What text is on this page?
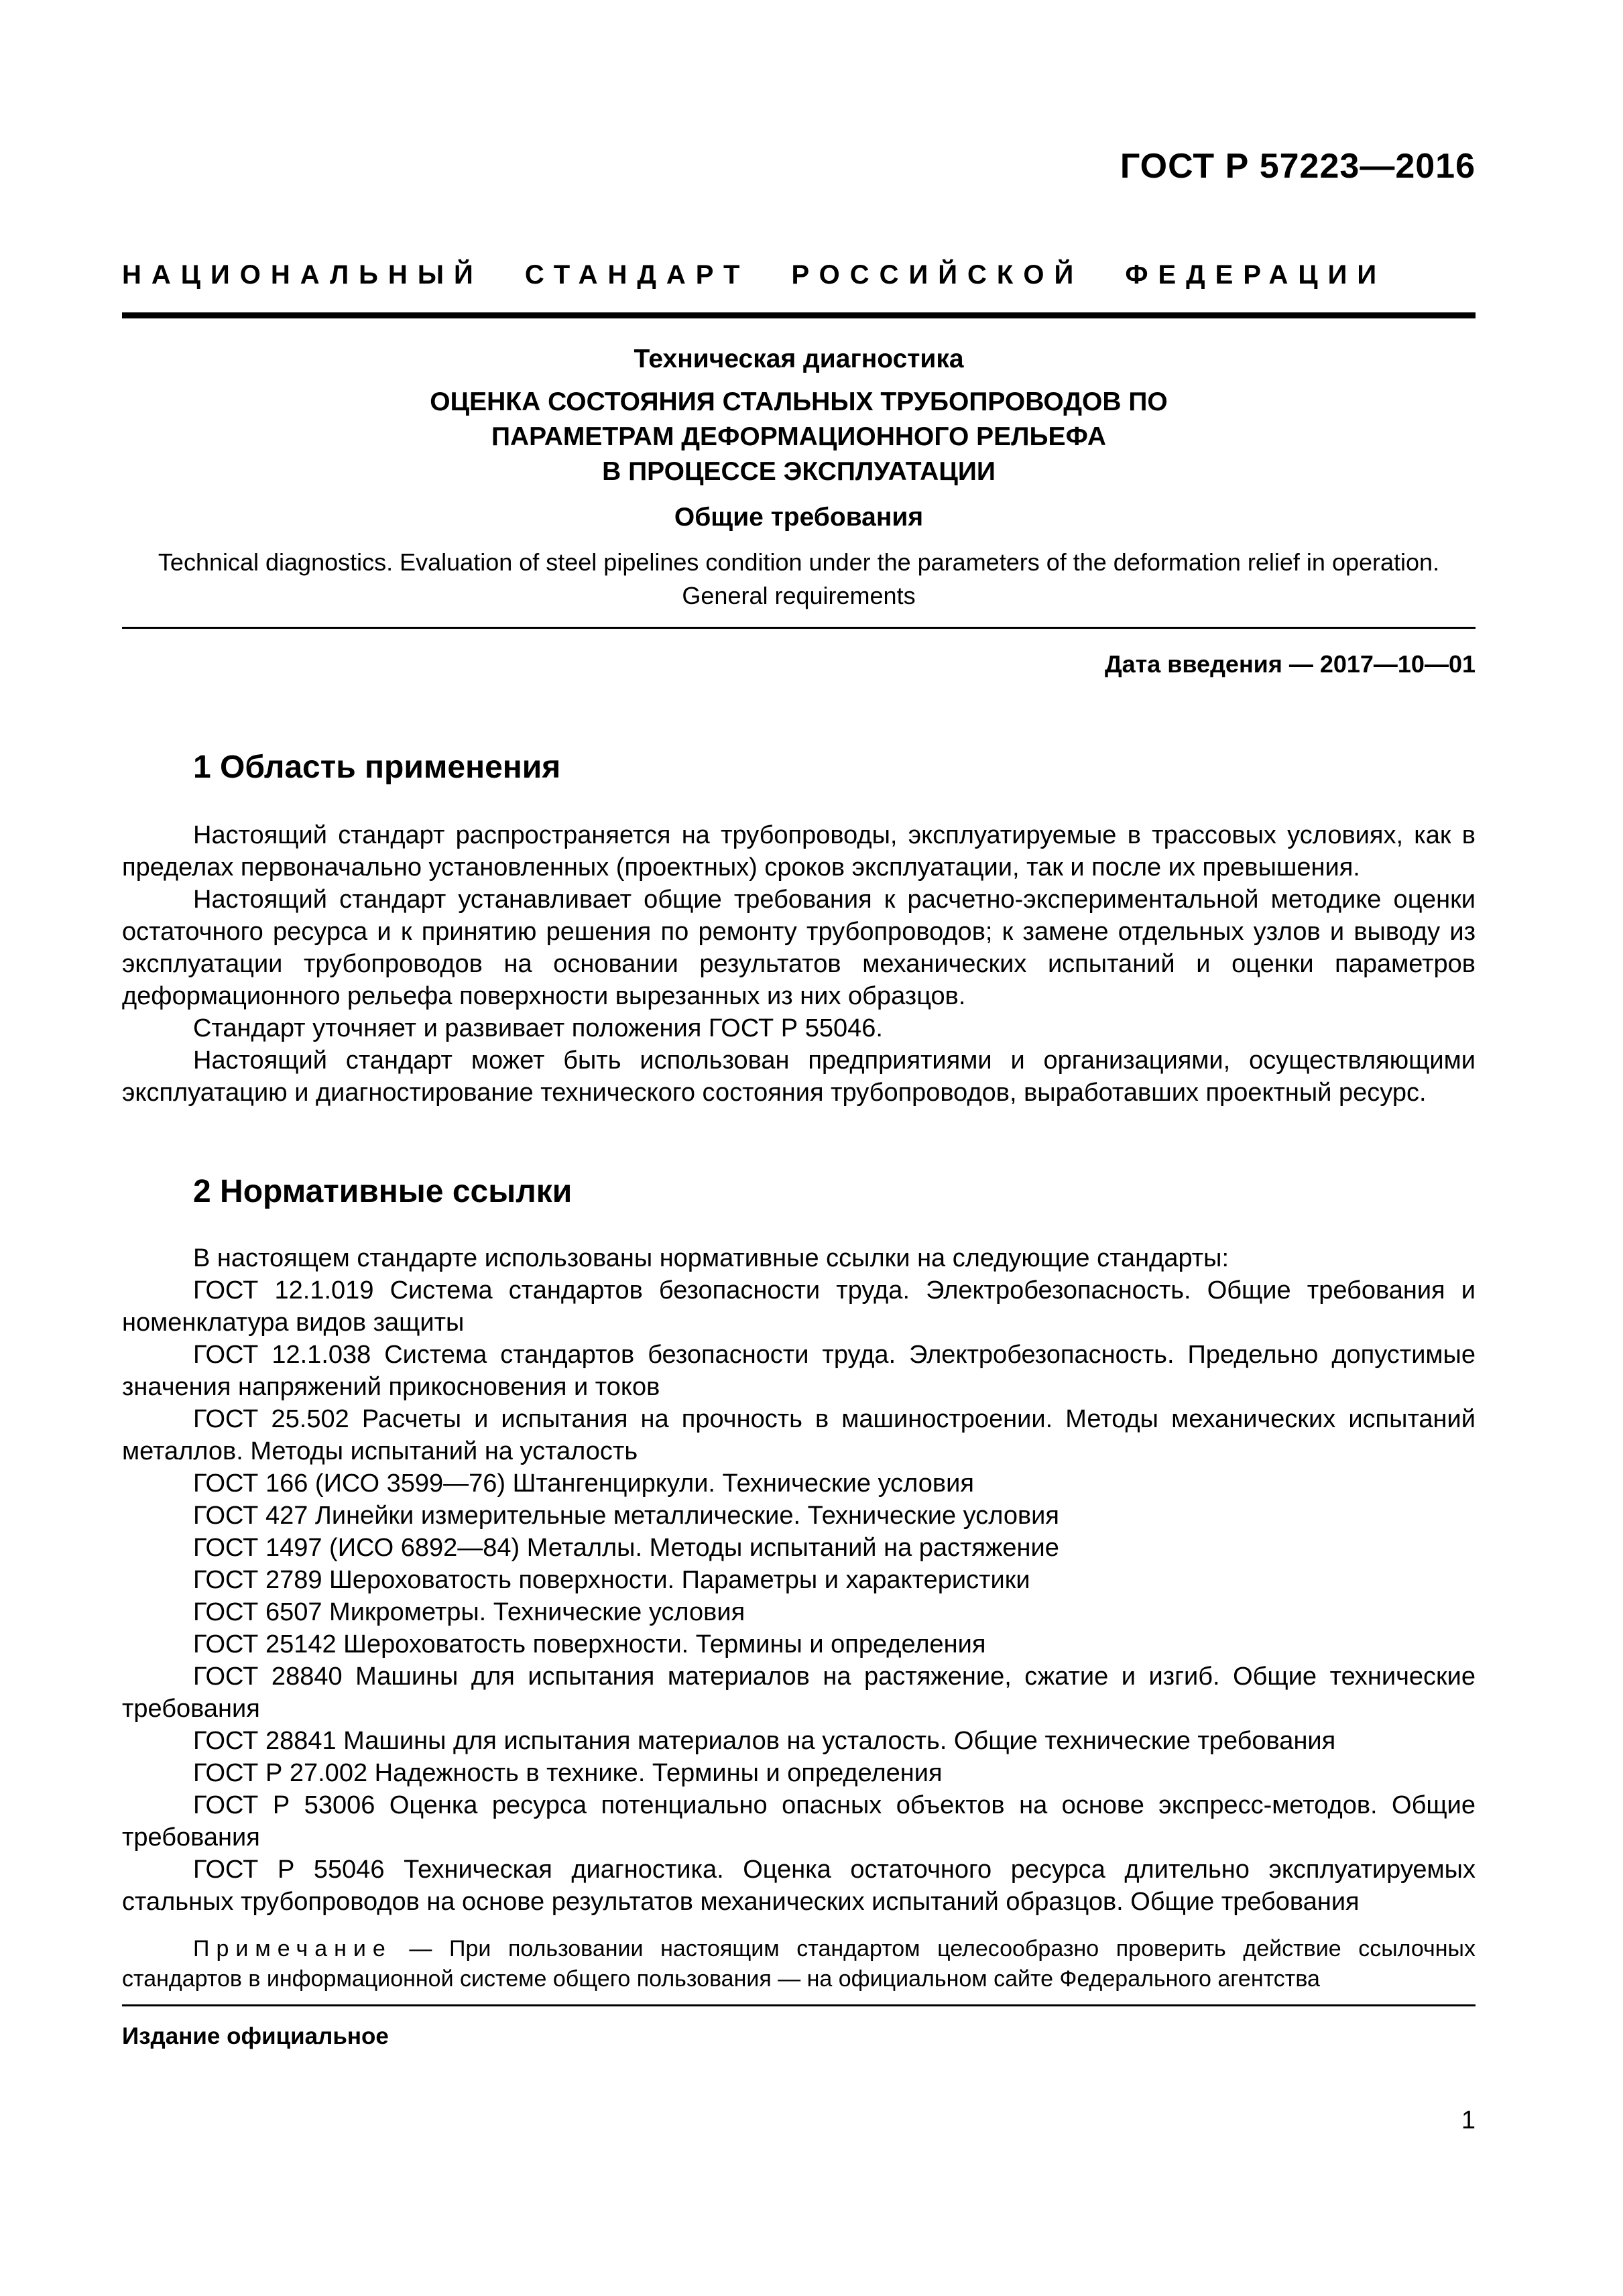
ГОСТ Р 57223—2016
НАЦИОНАЛЬНЫЙ СТАНДАРТ РОССИЙСКОЙ ФЕДЕРАЦИИ
Техническая диагностика
ОЦЕНКА СОСТОЯНИЯ СТАЛЬНЫХ ТРУБОПРОВОДОВ ПО
ПАРАМЕТРАМ ДЕФОРМАЦИОННОГО РЕЛЬЕФА
В ПРОЦЕССЕ ЭКСПЛУАТАЦИИ
Общие требования
Technical diagnostics. Evaluation of steel pipelines condition under the parameters of the deformation relief in operation.
General requirements
Дата введения — 2017—10—01
1 Область применения

Настоящий стандарт распространяется на трубопроводы, эксплуатируемые в трассовых условиях, как в пределах первоначально установленных (проектных) сроков эксплуатации, так и после их превышения.

Настоящий стандарт устанавливает общие требования к расчетно-экспериментальной методике оценки остаточного ресурса и к принятию решения по ремонту трубопроводов; к замене отдельных узлов и выводу из эксплуатации трубопроводов на основании результатов механических испытаний и оценки параметров деформационного рельефа поверхности вырезанных из них образцов.

Стандарт уточняет и развивает положения ГОСТ Р 55046.

Настоящий стандарт может быть использован предприятиями и организациями, осуществляющими эксплуатацию и диагностирование технического состояния трубопроводов, выработавших проектный ресурс.

2 Нормативные ссылки

В настоящем стандарте использованы нормативные ссылки на следующие стандарты:

ГОСТ 12.1.019 Система стандартов безопасности труда. Электробезопасность. Общие требования и номенклатура видов защиты

ГОСТ 12.1.038 Система стандартов безопасности труда. Электробезопасность. Предельно допустимые значения напряжений прикосновения и токов

ГОСТ 25.502 Расчеты и испытания на прочность в машиностроении. Методы механических испытаний металлов. Методы испытаний на усталость

ГОСТ 166 (ИСО 3599—76) Штангенциркули. Технические условия

ГОСТ 427 Линейки измерительные металлические. Технические условия

ГОСТ 1497 (ИСО 6892—84) Металлы. Методы испытаний на растяжение

ГОСТ 2789 Шероховатость поверхности. Параметры и характеристики

ГОСТ 6507 Микрометры. Технические условия

ГОСТ 25142 Шероховатость поверхности. Термины и определения

ГОСТ 28840 Машины для испытания материалов на растяжение, сжатие и изгиб. Общие технические требования

ГОСТ 28841 Машины для испытания материалов на усталость. Общие технические требования

ГОСТ Р 27.002 Надежность в технике. Термины и определения

ГОСТ Р 53006 Оценка ресурса потенциально опасных объектов на основе экспресс-методов. Общие требования

ГОСТ Р 55046 Техническая диагностика. Оценка остаточного ресурса длительно эксплуатируемых стальных трубопроводов на основе результатов механических испытаний образцов. Общие требования

Примечание — При пользовании настоящим стандартом целесообразно проверить действие ссылочных стандартов в информационной системе общего пользования — на официальном сайте Федерального агентства
Издание официальное
1
